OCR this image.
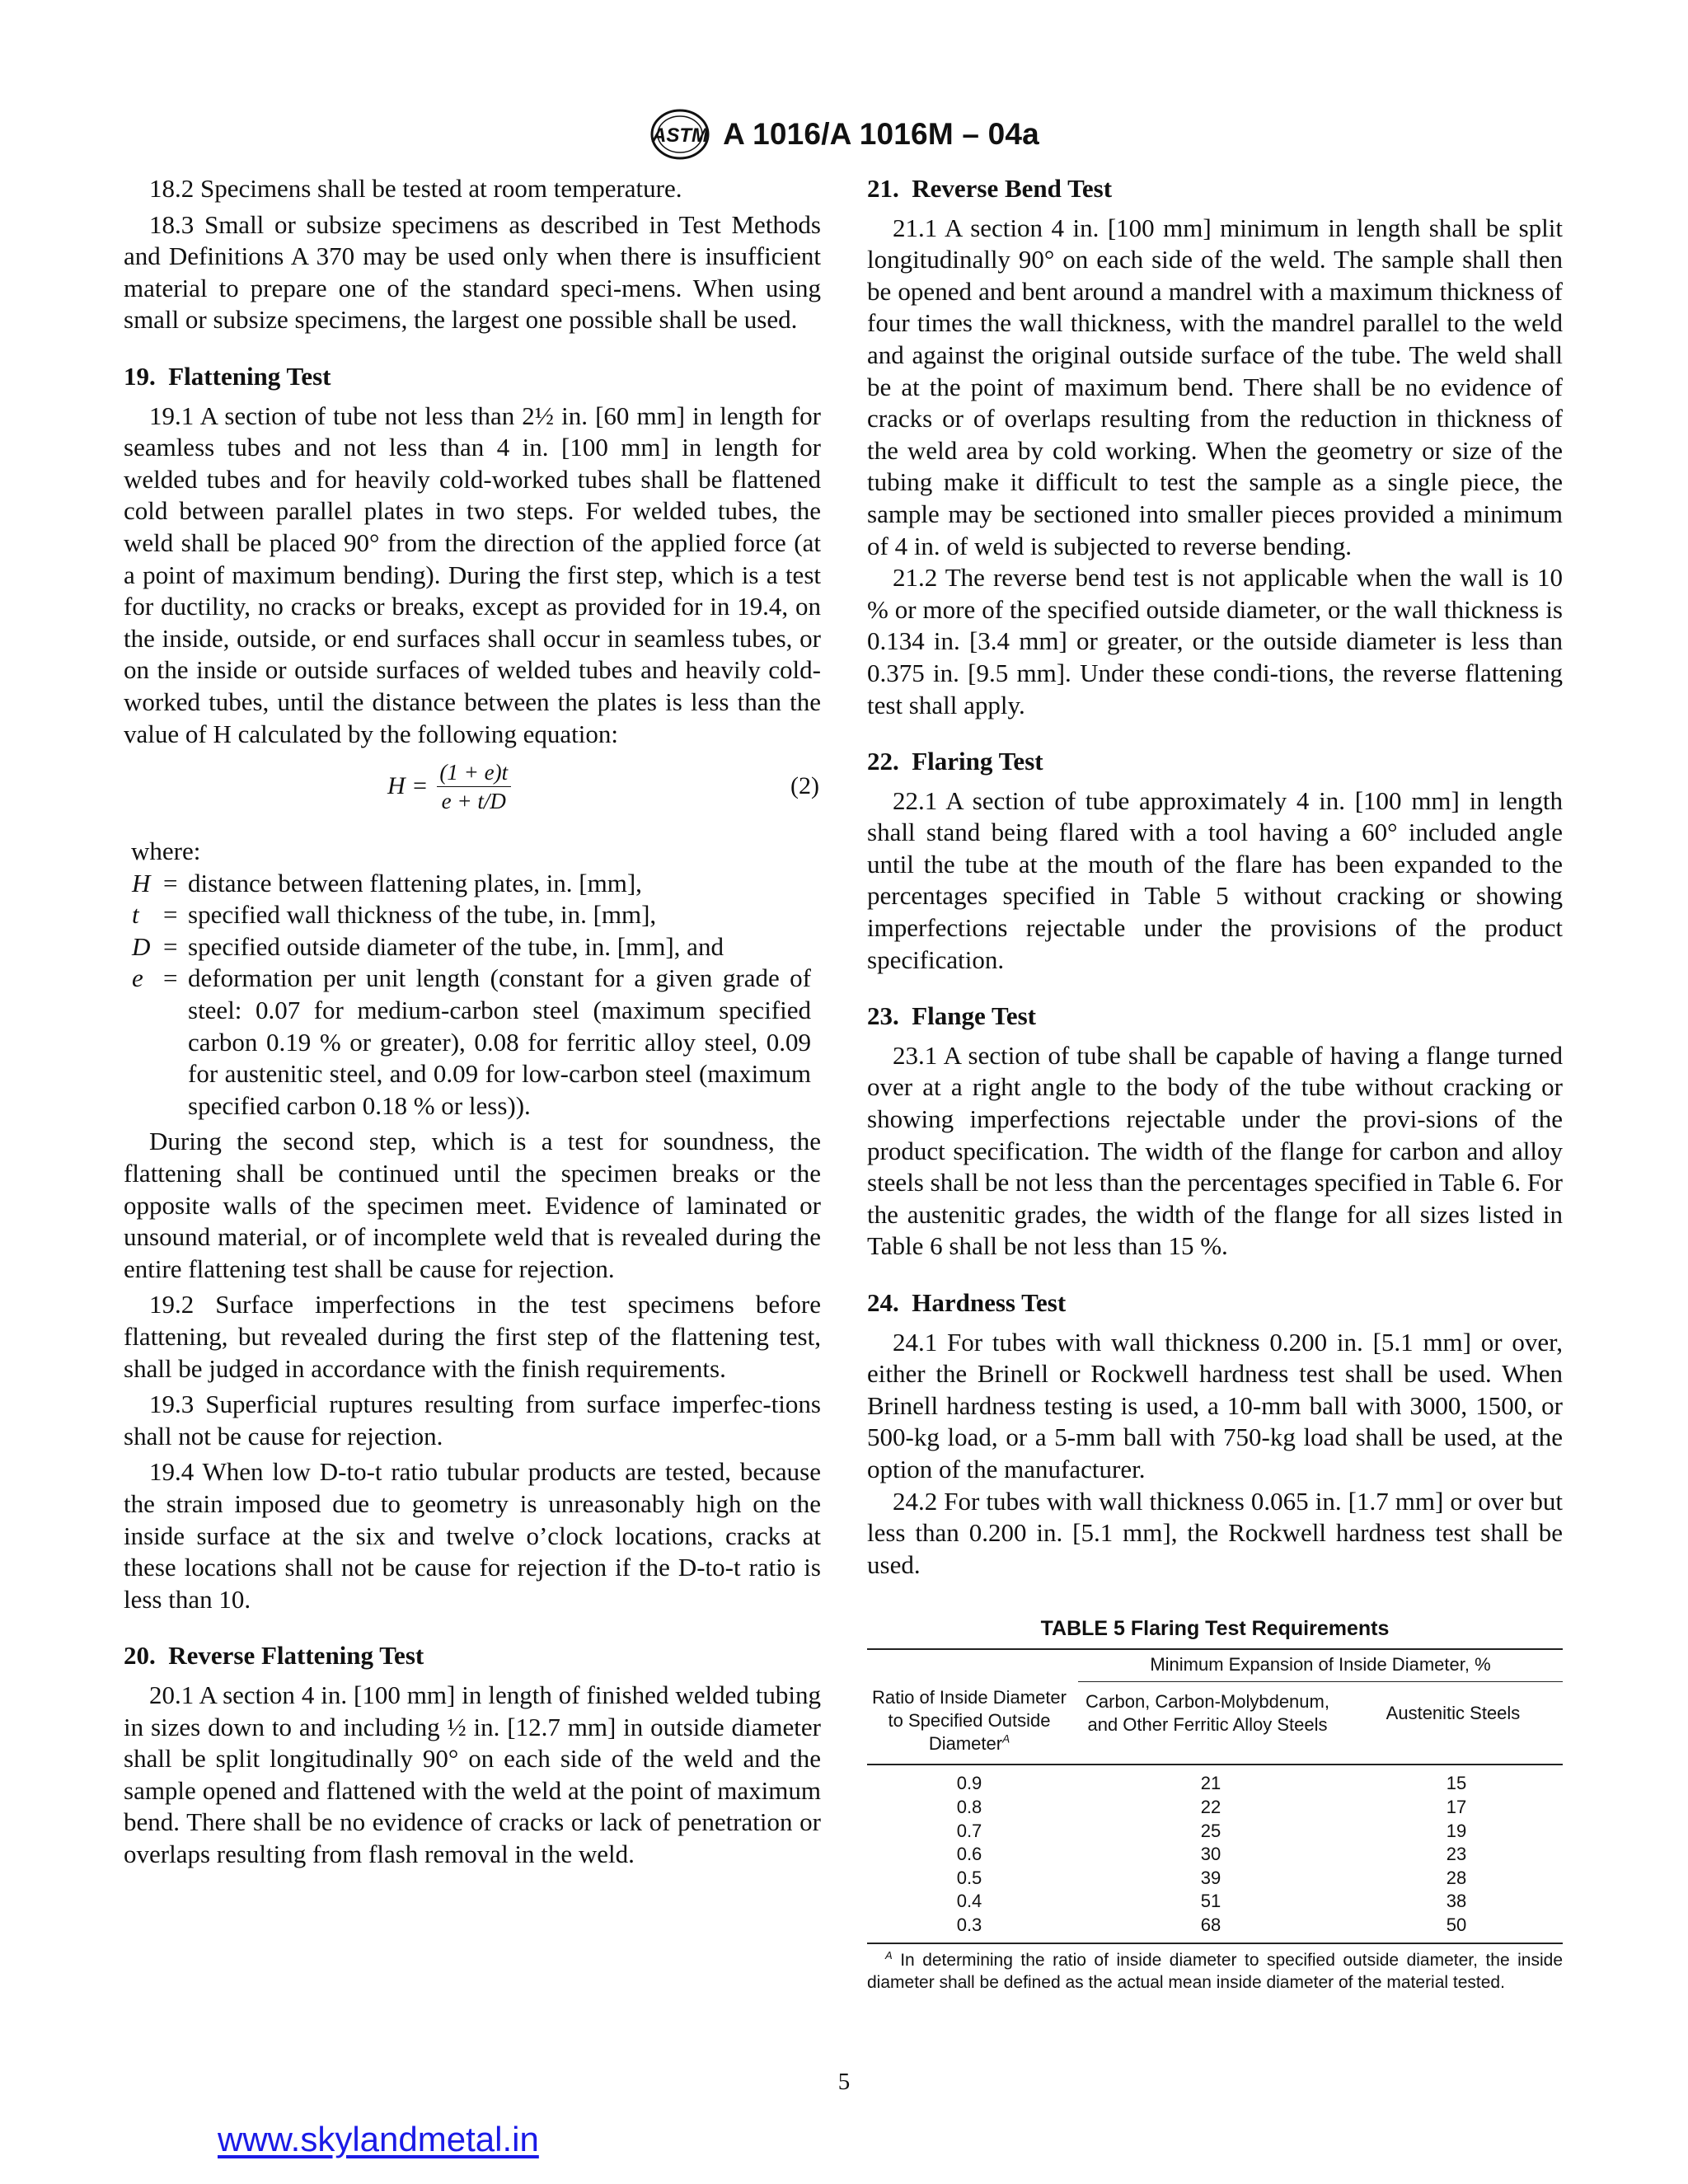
ASTM A 1016/A 1016M – 04a

18.2 Specimens shall be tested at room temperature.

18.3 Small or subsize specimens as described in Test Methods and Definitions A 370 may be used only when there is insufficient material to prepare one of the standard speci-mens. When using small or subsize specimens, the largest one possible shall be used.

19.  Flattening Test

19.1 A section of tube not less than 2½ in. [60 mm] in length for seamless tubes and not less than 4 in. [100 mm] in length for welded tubes and for heavily cold-worked tubes shall be flattened cold between parallel plates in two steps. For welded tubes, the weld shall be placed 90° from the direction of the applied force (at a point of maximum bending). During the first step, which is a test for ductility, no cracks or breaks, except as provided for in 19.4, on the inside, outside, or end surfaces shall occur in seamless tubes, or on the inside or outside surfaces of welded tubes and heavily cold-worked tubes, until the distance between the plates is less than the value of H calculated by the following equation:

$H = \frac{(1 + e)t}{e + t/D}$	(2)
where:
H = distance between flattening plates, in. [mm],
t = specified wall thickness of the tube, in. [mm],
D = specified outside diameter of the tube, in. [mm], and
e = deformation per unit length (constant for a given grade of steel: 0.07 for medium-carbon steel (maximum specified carbon 0.19 % or greater), 0.08 for ferritic alloy steel, 0.09 for austenitic steel, and 0.09 for low-carbon steel (maximum specified carbon 0.18 % or less)).

During the second step, which is a test for soundness, the flattening shall be continued until the specimen breaks or the opposite walls of the specimen meet. Evidence of laminated or unsound material, or of incomplete weld that is revealed during the entire flattening test shall be cause for rejection.

19.2 Surface imperfections in the test specimens before flattening, but revealed during the first step of the flattening test, shall be judged in accordance with the finish requirements.

19.3 Superficial ruptures resulting from surface imperfec-tions shall not be cause for rejection.

19.4 When low D-to-t ratio tubular products are tested, because the strain imposed due to geometry is unreasonably high on the inside surface at the six and twelve o’clock locations, cracks at these locations shall not be cause for rejection if the D-to-t ratio is less than 10.

20.  Reverse Flattening Test

20.1 A section 4 in. [100 mm] in length of finished welded tubing in sizes down to and including ½ in. [12.7 mm] in outside diameter shall be split longitudinally 90° on each side of the weld and the sample opened and flattened with the weld at the point of maximum bend. There shall be no evidence of cracks or lack of penetration or overlaps resulting from flash removal in the weld.

21.  Reverse Bend Test

21.1 A section 4 in. [100 mm] minimum in length shall be split longitudinally 90° on each side of the weld. The sample shall then be opened and bent around a mandrel with a maximum thickness of four times the wall thickness, with the mandrel parallel to the weld and against the original outside surface of the tube. The weld shall be at the point of maximum bend. There shall be no evidence of cracks or of overlaps resulting from the reduction in thickness of the weld area by cold working. When the geometry or size of the tubing make it difficult to test the sample as a single piece, the sample may be sectioned into smaller pieces provided a minimum of 4 in. of weld is subjected to reverse bending.

21.2 The reverse bend test is not applicable when the wall is 10 % or more of the specified outside diameter, or the wall thickness is 0.134 in. [3.4 mm] or greater, or the outside diameter is less than 0.375 in. [9.5 mm]. Under these condi-tions, the reverse flattening test shall apply.

22.  Flaring Test

22.1 A section of tube approximately 4 in. [100 mm] in length shall stand being flared with a tool having a 60° included angle until the tube at the mouth of the flare has been expanded to the percentages specified in Table 5 without cracking or showing imperfections rejectable under the provisions of the product specification.

23.  Flange Test

23.1 A section of tube shall be capable of having a flange turned over at a right angle to the body of the tube without cracking or showing imperfections rejectable under the provi-sions of the product specification. The width of the flange for carbon and alloy steels shall be not less than the percentages specified in Table 6. For the austenitic grades, the width of the flange for all sizes listed in Table 6 shall be not less than 15 %.

24.  Hardness Test

24.1 For tubes with wall thickness 0.200 in. [5.1 mm] or over, either the Brinell or Rockwell hardness test shall be used. When Brinell hardness testing is used, a 10-mm ball with 3000, 1500, or 500-kg load, or a 5-mm ball with 750-kg load shall be used, at the option of the manufacturer.

24.2 For tubes with wall thickness 0.065 in. [1.7 mm] or over but less than 0.200 in. [5.1 mm], the Rockwell hardness test shall be used.

TABLE 5 Flaring Test Requirements
Ratio of Inside Diameter to Specified Outside Diameter$^A$
Minimum Expansion of Inside Diameter, %
Carbon, Carbon-Molybdenum, and Other Ferritic Alloy Steels
Austenitic Steels
0.9	21	15
0.8	22	17
0.7	25	19
0.6	30	23
0.5	39	28
0.4	51	38
0.3	68	50
$^A$ In determining the ratio of inside diameter to specified outside diameter, the inside diameter shall be defined as the actual mean inside diameter of the material tested.
5
www.skylandmetal.in
